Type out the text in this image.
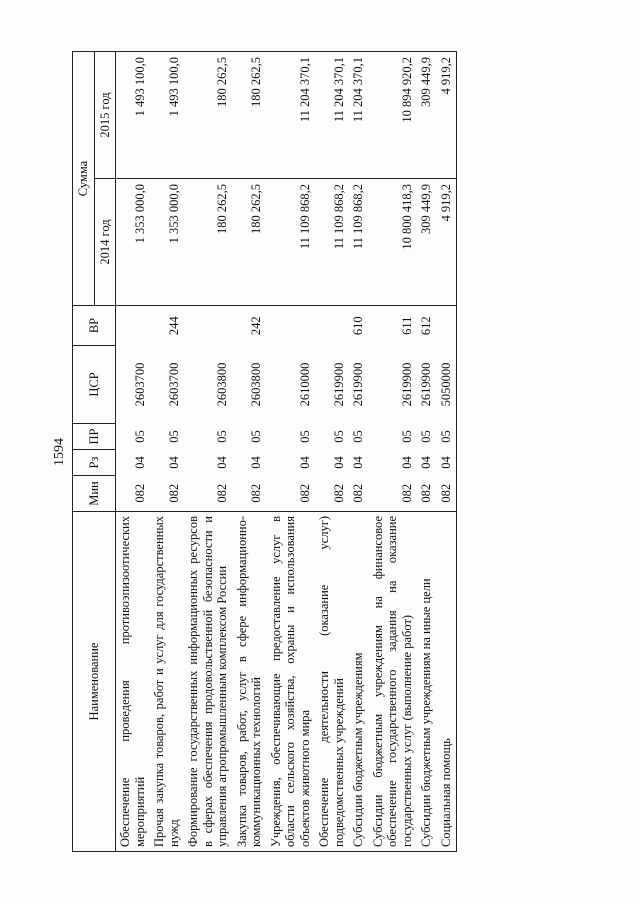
1594
Наименование	Мин	Рз	ПР	ЦСР	ВР	Сумма	
						2014 год	2015 год
Обеспечение проведения противоэпизоотических мероприятий	082	04	05	2603700		1 353 000,0	1 493 100,0
Прочая закупка товаров, работ и услуг для государственных нужд	082	04	05	2603700	244	1 353 000,0	1 493 100,0
Формирование государственных информационных ресурсов в сферах обеспечения продовольственной безопасности и управления агропромышленным комплексом России	082	04	05	2603800		180 262,5	180 262,5
Закупка товаров, работ, услуг в сфере информационно-коммуникационных технологий	082	04	05	2603800	242	180 262,5	180 262,5
Учреждения, обеспечивающие предоставление услуг в области сельского хозяйства, охраны и использования объектов животного мира	082	04	05	2610000		11 109 868,2	11 204 370,1
Обеспечение деятельности (оказание услуг) подведомственных учреждений	082	04	05	2619900		11 109 868,2	11 204 370,1
Субсидии бюджетным учреждениям	082	04	05	2619900	610	11 109 868,2	11 204 370,1
Субсидии бюджетным учреждениям на финансовое обеспечение государственного задания на оказание государственных услуг (выполнение работ)	082	04	05	2619900	611	10 800 418,3	10 894 920,2
Субсидии бюджетным учреждениям на иные цели	082	04	05	2619900	612	309 449,9	309 449,9
Социальная помощь	082	04	05	5050000		4 919,2	4 919,2
